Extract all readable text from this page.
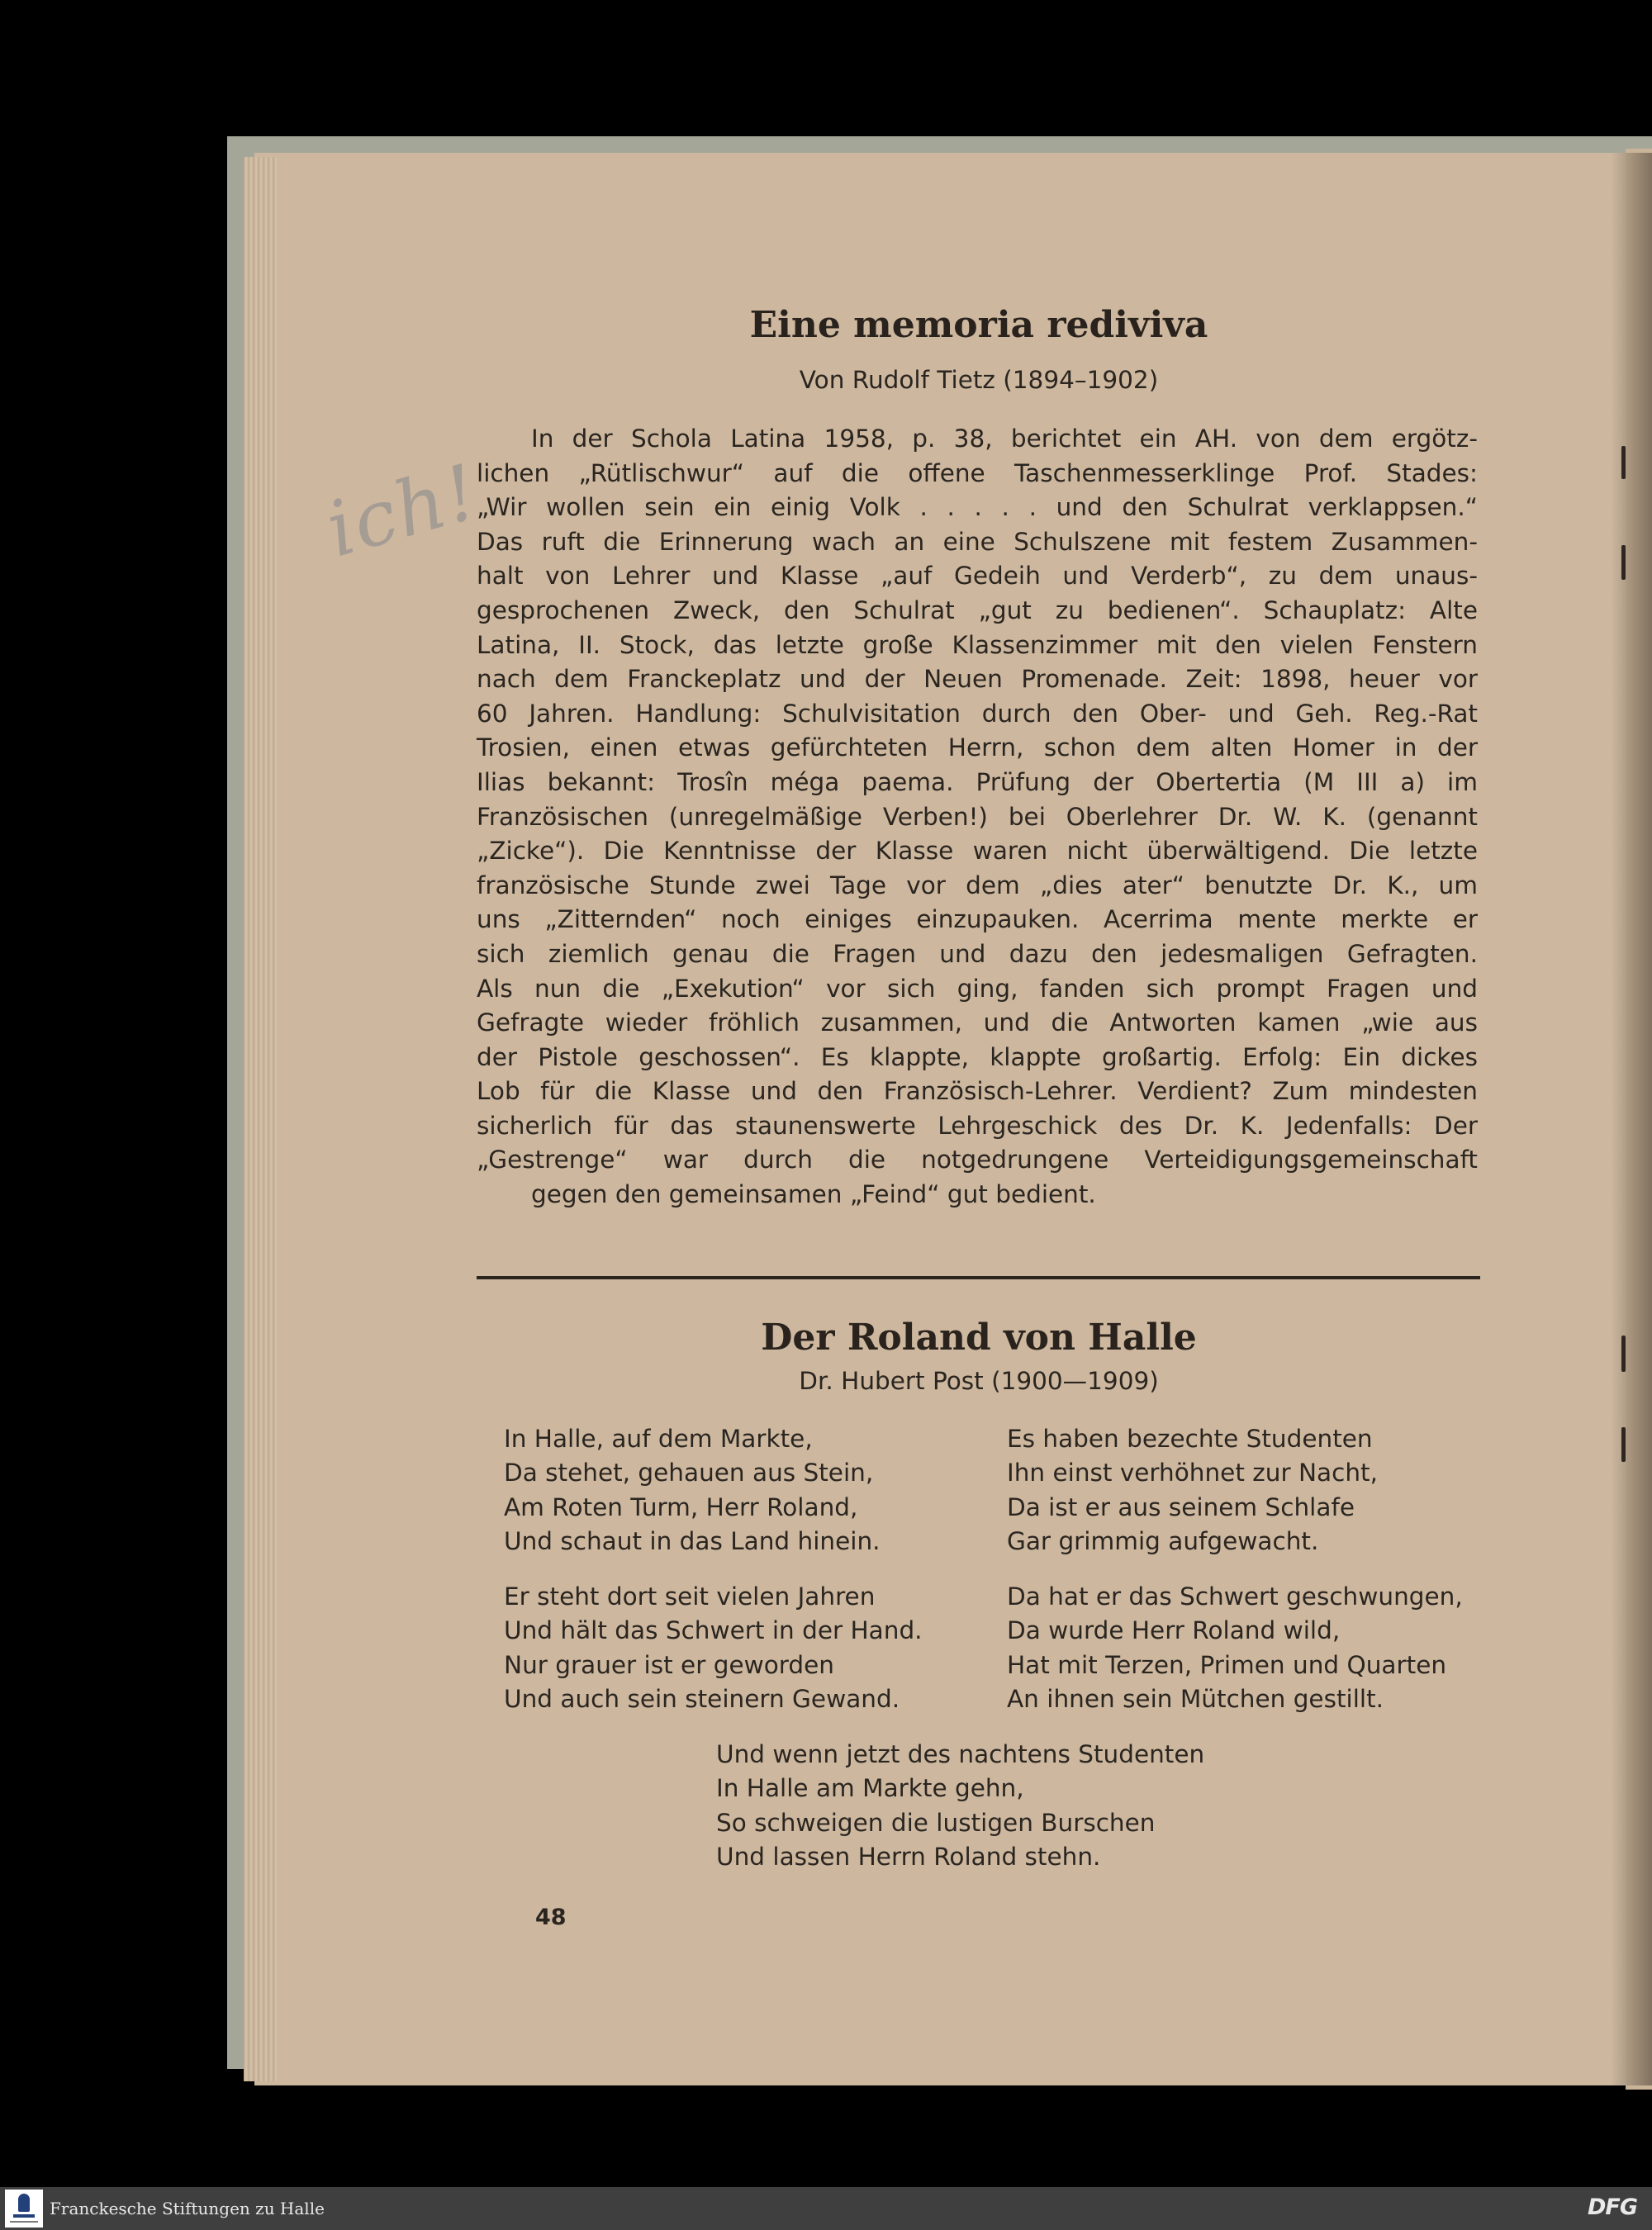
ich!
Eine memoria rediviva

Von Rudolf Tietz (1894–1902)

Der Roland von Halle

Dr. Hubert Post (1900—1909)

In der Schola Latina 1958, p. 38, berichtet ein AH. von dem ergötz-
lichen „Rütlischwur“ auf die offene Taschenmesserklinge Prof. Stades:
„Wir wollen sein ein einig Volk . . . . . und den Schulrat verklappsen.“
Das ruft die Erinnerung wach an eine Schulszene mit festem Zusammen-
halt von Lehrer und Klasse „auf Gedeih und Verderb“, zu dem unaus-
gesprochenen Zweck, den Schulrat „gut zu bedienen“. Schauplatz: Alte
Latina, II. Stock, das letzte große Klassenzimmer mit den vielen Fenstern
nach dem Franckeplatz und der Neuen Promenade. Zeit: 1898, heuer vor
60 Jahren. Handlung: Schulvisitation durch den Ober- und Geh. Reg.-Rat
Trosien, einen etwas gefürchteten Herrn, schon dem alten Homer in der
Ilias bekannt: Trosîn méga paema. Prüfung der Obertertia (M III a) im
Französischen (unregelmäßige Verben!) bei Oberlehrer Dr. W. K. (genannt
„Zicke“). Die Kenntnisse der Klasse waren nicht überwältigend. Die letzte
französische Stunde zwei Tage vor dem „dies ater“ benutzte Dr. K., um
uns „Zitternden“ noch einiges einzupauken. Acerrima mente merkte er
sich ziemlich genau die Fragen und dazu den jedesmaligen Gefragten.
Als nun die „Exekution“ vor sich ging, fanden sich prompt Fragen und
Gefragte wieder fröhlich zusammen, und die Antworten kamen „wie aus
der Pistole geschossen“. Es klappte, klappte großartig. Erfolg: Ein dickes
Lob für die Klasse und den Französisch-Lehrer. Verdient? Zum mindesten
sicherlich für das staunenswerte Lehrgeschick des Dr. K. Jedenfalls: Der
„Gestrenge“ war durch die notgedrungene Verteidigungsgemeinschaft

gegen den gemeinsamen „Feind“ gut bedient.
In Halle, auf dem Markte,
Da stehet, gehauen aus Stein,
Am Roten Turm, Herr Roland,
Und schaut in das Land hinein.
Es haben bezechte Studenten
Ihn einst verhöhnet zur Nacht,
Da ist er aus seinem Schlafe
Gar grimmig aufgewacht.
Er steht dort seit vielen Jahren
Und hält das Schwert in der Hand.
Nur grauer ist er geworden
Und auch sein steinern Gewand.
Da hat er das Schwert geschwungen,
Da wurde Herr Roland wild,
Hat mit Terzen, Primen und Quarten
An ihnen sein Mütchen gestillt.
Und wenn jetzt des nachtens Studenten
In Halle am Markte gehn,
So schweigen die lustigen Burschen
Und lassen Herrn Roland stehn.
48
Franckesche Stiftungen zu Halle	DFG
